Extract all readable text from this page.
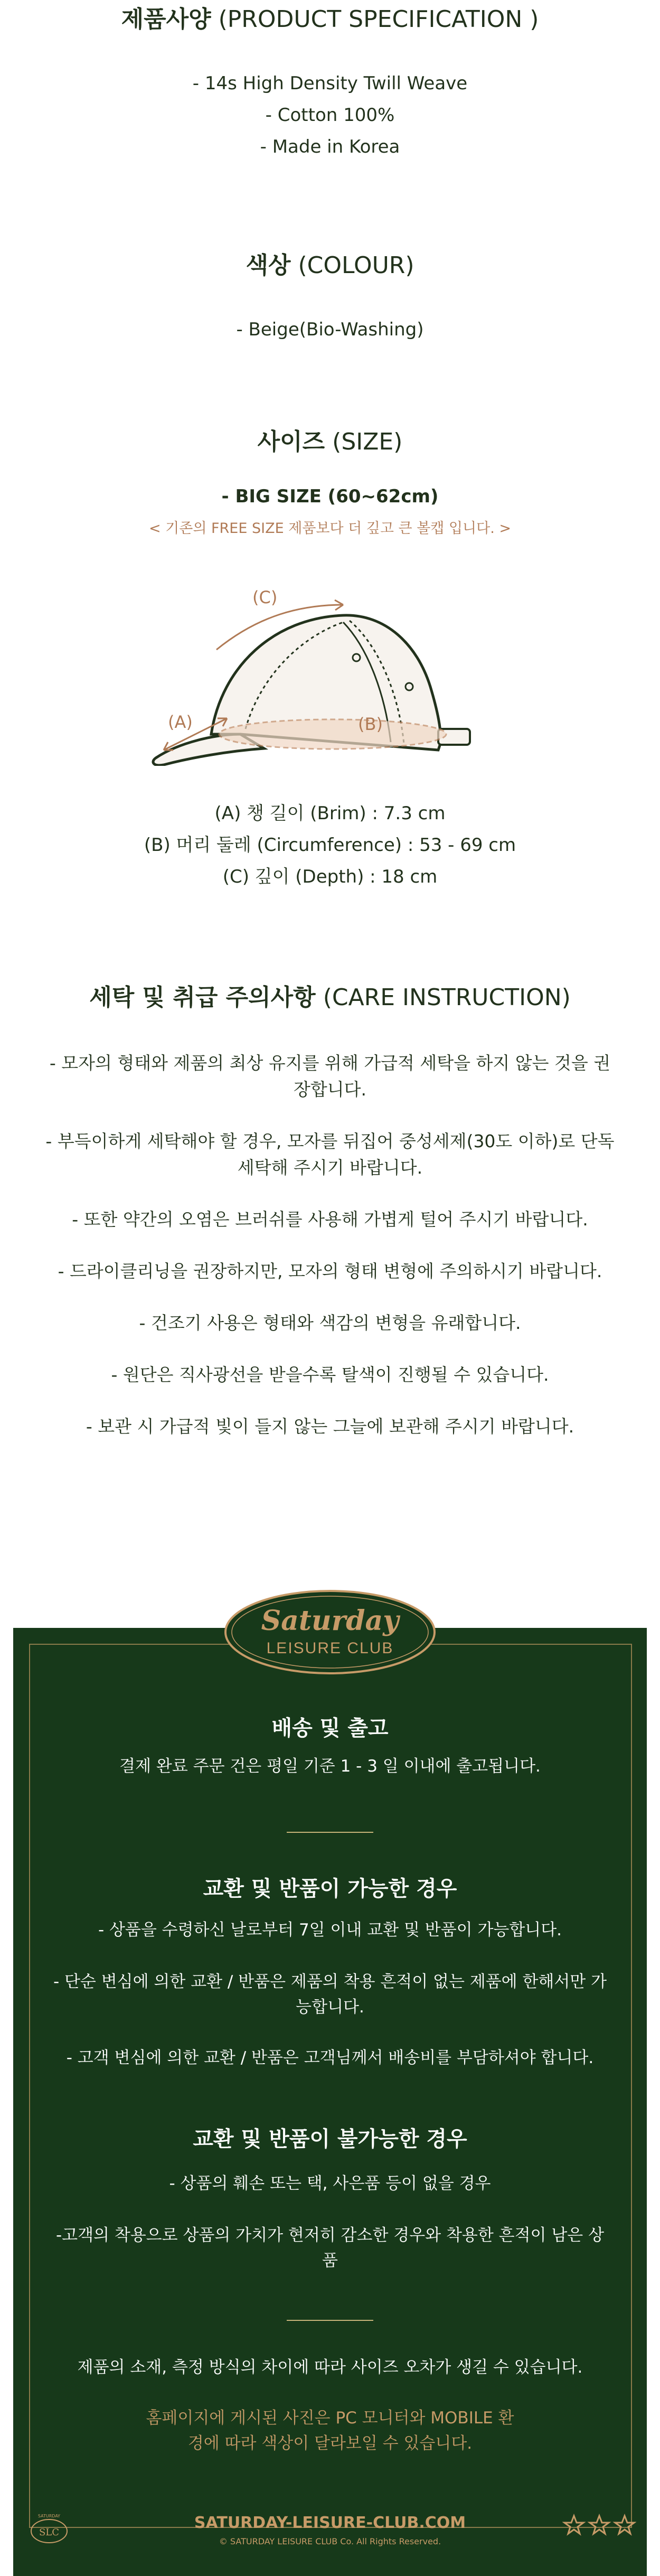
제품사양 (PRODUCT SPECIFICATION )
- 14s High Density Twill Weave
- Cotton 100%
- Made in Korea
색상 (COLOUR)
- Beige(Bio-Washing)
사이즈 (SIZE)
- BIG SIZE (60~62cm)
< 기존의 FREE SIZE 제품보다 더 깊고 큰 볼캡 입니다. >
(A)
(C)
(B)
(A) 챙 길이 (Brim) : 7.3 cm
(B) 머리 둘레 (Circumference) : 53 - 69 cm
(C) 깊이 (Depth) : 18 cm
세탁 및 취급 주의사항 (CARE INSTRUCTION)
- 모자의 형태와 제품의 최상 유지를 위해 가급적 세탁을 하지 않는 것을 권장합니다.
- 부득이하게 세탁해야 할 경우, 모자를 뒤집어 중성세제(30도 이하)로 단독 세탁해 주시기 바랍니다.
- 또한 약간의 오염은 브러쉬를 사용해 가볍게 털어 주시기 바랍니다.
- 드라이클리닝을 권장하지만, 모자의 형태 변형에 주의하시기 바랍니다.
- 건조기 사용은 형태와 색감의 변형을 유래합니다.
- 원단은 직사광선을 받을수록 탈색이 진행될 수 있습니다.
- 보관 시 가급적 빛이 들지 않는 그늘에 보관해 주시기 바랍니다.
Saturday
LEISURE CLUB
배송 및 출고
결제 완료 주문 건은 평일 기준 1 - 3 일 이내에 출고됩니다.
교환 및 반품이 가능한 경우
- 상품을 수령하신 날로부터 7일 이내 교환 및 반품이 가능합니다.
- 단순 변심에 의한 교환 / 반품은 제품의 착용 흔적이 없는 제품에 한해서만 가능합니다.
- 고객 변심에 의한 교환 / 반품은 고객님께서 배송비를 부담하셔야 합니다.
교환 및 반품이 불가능한 경우
- 상품의 훼손 또는 택, 사은품 등이 없을 경우
-고객의 착용으로 상품의 가치가 현저히 감소한 경우와 착용한 흔적이 남은 상품
제품의 소재, 측정 방식의 차이에 따라 사이즈 오차가 생길 수 있습니다.
홈페이지에 게시된 사진은 PC 모니터와 MOBILE 환경에 따라 색상이 달라보일 수 있습니다.
SLC
SATURDAY	SATURDAY-LEISURE-CLUB.COM
© SATURDAY LEISURE CLUB Co. All Rights Reserved.
